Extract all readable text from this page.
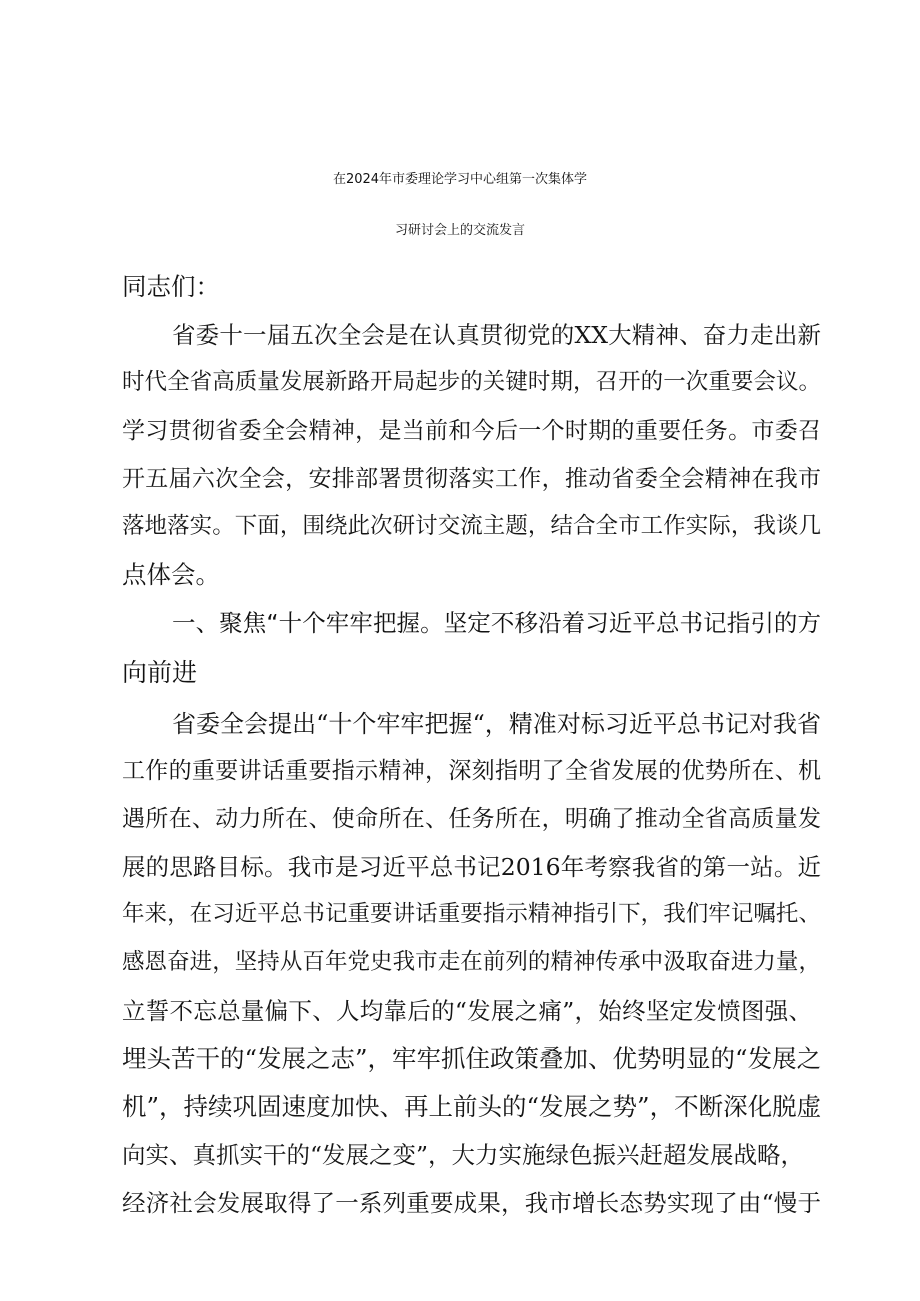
在2024年市委理论学习中心组第一次集体学
习研讨会上的交流发言
同志们：
省委十一届五次全会是在认真贯彻党的XX大精神、奋力走出新
时代全省高质量发展新路开局起步的关键时期，召开的一次重要会议。
学习贯彻省委全会精神，是当前和今后一个时期的重要任务。市委召
开五届六次全会，安排部署贯彻落实工作，推动省委全会精神在我市
落地落实。下面，围绕此次研讨交流主题，结合全市工作实际，我谈几
点体会。
一、聚焦“十个牢牢把握。坚定不移沿着习近平总书记指引的方
向前进
省委全会提出“十个牢牢把握“，精准对标习近平总书记对我省
工作的重要讲话重要指示精神，深刻指明了全省发展的优势所在、机
遇所在、动力所在、使命所在、任务所在，明确了推动全省高质量发
展的思路目标。我市是习近平总书记2016年考察我省的第一站。近
年来，在习近平总书记重要讲话重要指示精神指引下，我们牢记嘱托、
感恩奋进，坚持从百年党史我市走在前列的精神传承中汲取奋进力量，
立誓不忘总量偏下、人均靠后的“发展之痛”，始终坚定发愤图强、
埋头苦干的“发展之志”，牢牢抓住政策叠加、优势明显的“发展之
机”，持续巩固速度加快、再上前头的“发展之势”，不断深化脱虚
向实、真抓实干的“发展之变”，大力实施绿色振兴赶超发展战略，
经济社会发展取得了一系列重要成果，我市增长态势实现了由“慢于
